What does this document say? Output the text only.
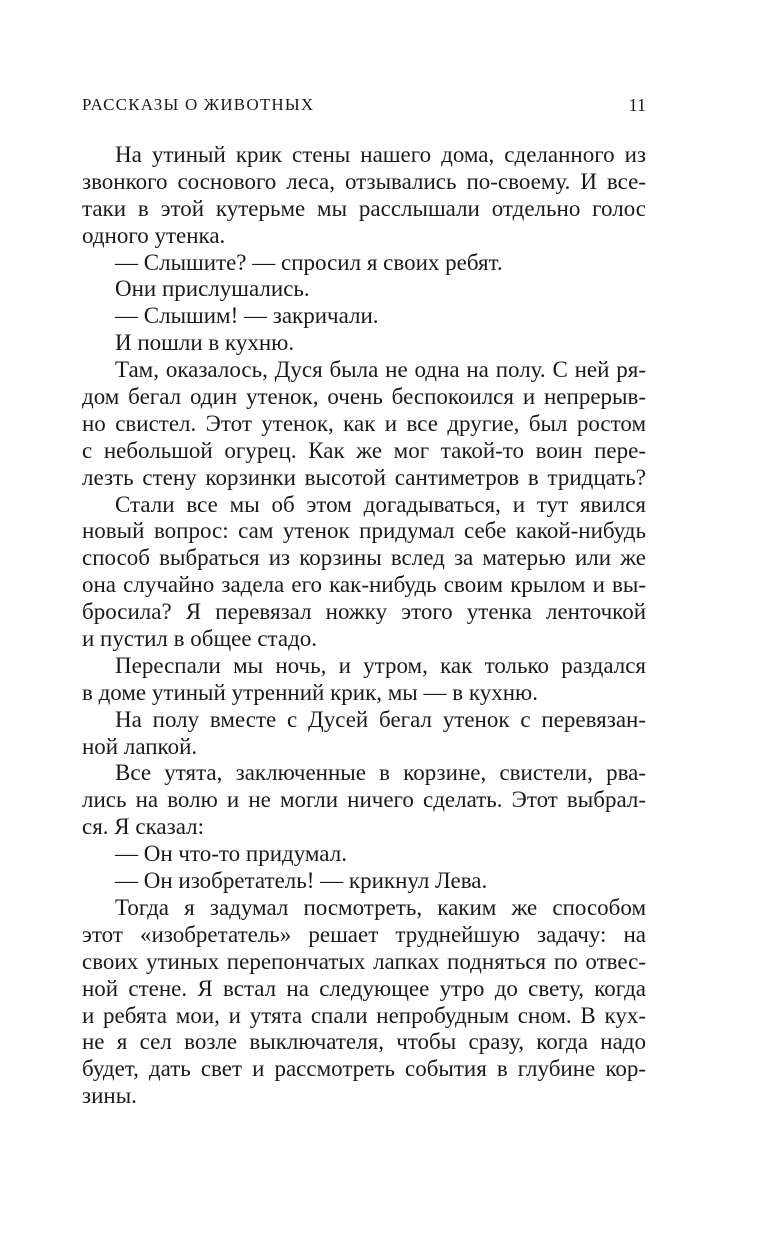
РАССКАЗЫ О ЖИВОТНЫХ	11
На утиный крик стены нашего дома, сделанного из
звонкого соснового леса, отзывались по-своему. И все-
таки в этой кутерьме мы расслышали отдельно голос
одного утенка.
— Слышите? — спросил я своих ребят.
Они прислушались.
— Слышим! — закричали.
И пошли в кухню.
Там, оказалось, Дуся была не одна на полу. С ней ря-
дом бегал один утенок, очень беспокоился и непрерыв-
но свистел. Этот утенок, как и все другие, был ростом
с небольшой огурец. Как же мог такой-то воин пере-
лезть стену корзинки высотой сантиметров в тридцать?
Стали все мы об этом догадываться, и тут явился
новый вопрос: сам утенок придумал себе какой-нибудь
способ выбраться из корзины вслед за матерью или же
она случайно задела его как-нибудь своим крылом и вы-
бросила? Я перевязал ножку этого утенка ленточкой
и пустил в общее стадо.
Переспали мы ночь, и утром, как только раздался
в доме утиный утренний крик, мы — в кухню.
На полу вместе с Дусей бегал утенок с перевязан-
ной лапкой.
Все утята, заключенные в корзине, свистели, рва-
лись на волю и не могли ничего сделать. Этот выбрал-
ся. Я сказал:
— Он что-то придумал.
— Он изобретатель! — крикнул Лева.
Тогда я задумал посмотреть, каким же способом
этот «изобретатель» решает труднейшую задачу: на
своих утиных перепончатых лапках подняться по отвес-
ной стене. Я встал на следующее утро до свету, когда
и ребята мои, и утята спали непробудным сном. В кух-
не я сел возле выключателя, чтобы сразу, когда надо
будет, дать свет и рассмотреть события в глубине кор-
зины.
